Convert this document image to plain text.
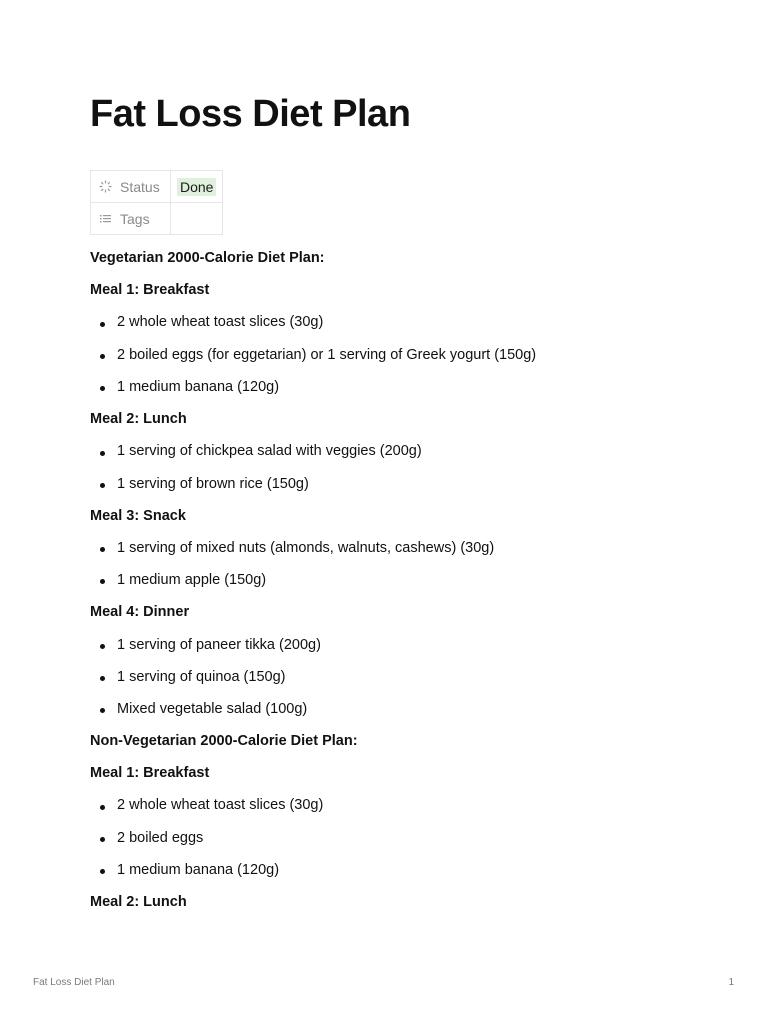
Fat Loss Diet Plan
Status	Done

Tags	

Vegetarian 2000-Calorie Diet Plan:

Meal 1: Breakfast

2 whole wheat toast slices (30g)
2 boiled eggs (for eggetarian) or 1 serving of Greek yogurt (150g)
1 medium banana (120g)

Meal 2: Lunch

1 serving of chickpea salad with veggies (200g)
1 serving of brown rice (150g)

Meal 3: Snack

1 serving of mixed nuts (almonds, walnuts, cashews) (30g)
1 medium apple (150g)

Meal 4: Dinner

1 serving of paneer tikka (200g)
1 serving of quinoa (150g)
Mixed vegetable salad (100g)

Non-Vegetarian 2000-Calorie Diet Plan:

Meal 1: Breakfast

2 whole wheat toast slices (30g)
2 boiled eggs
1 medium banana (120g)

Meal 2: Lunch

Fat Loss Diet Plan	1
